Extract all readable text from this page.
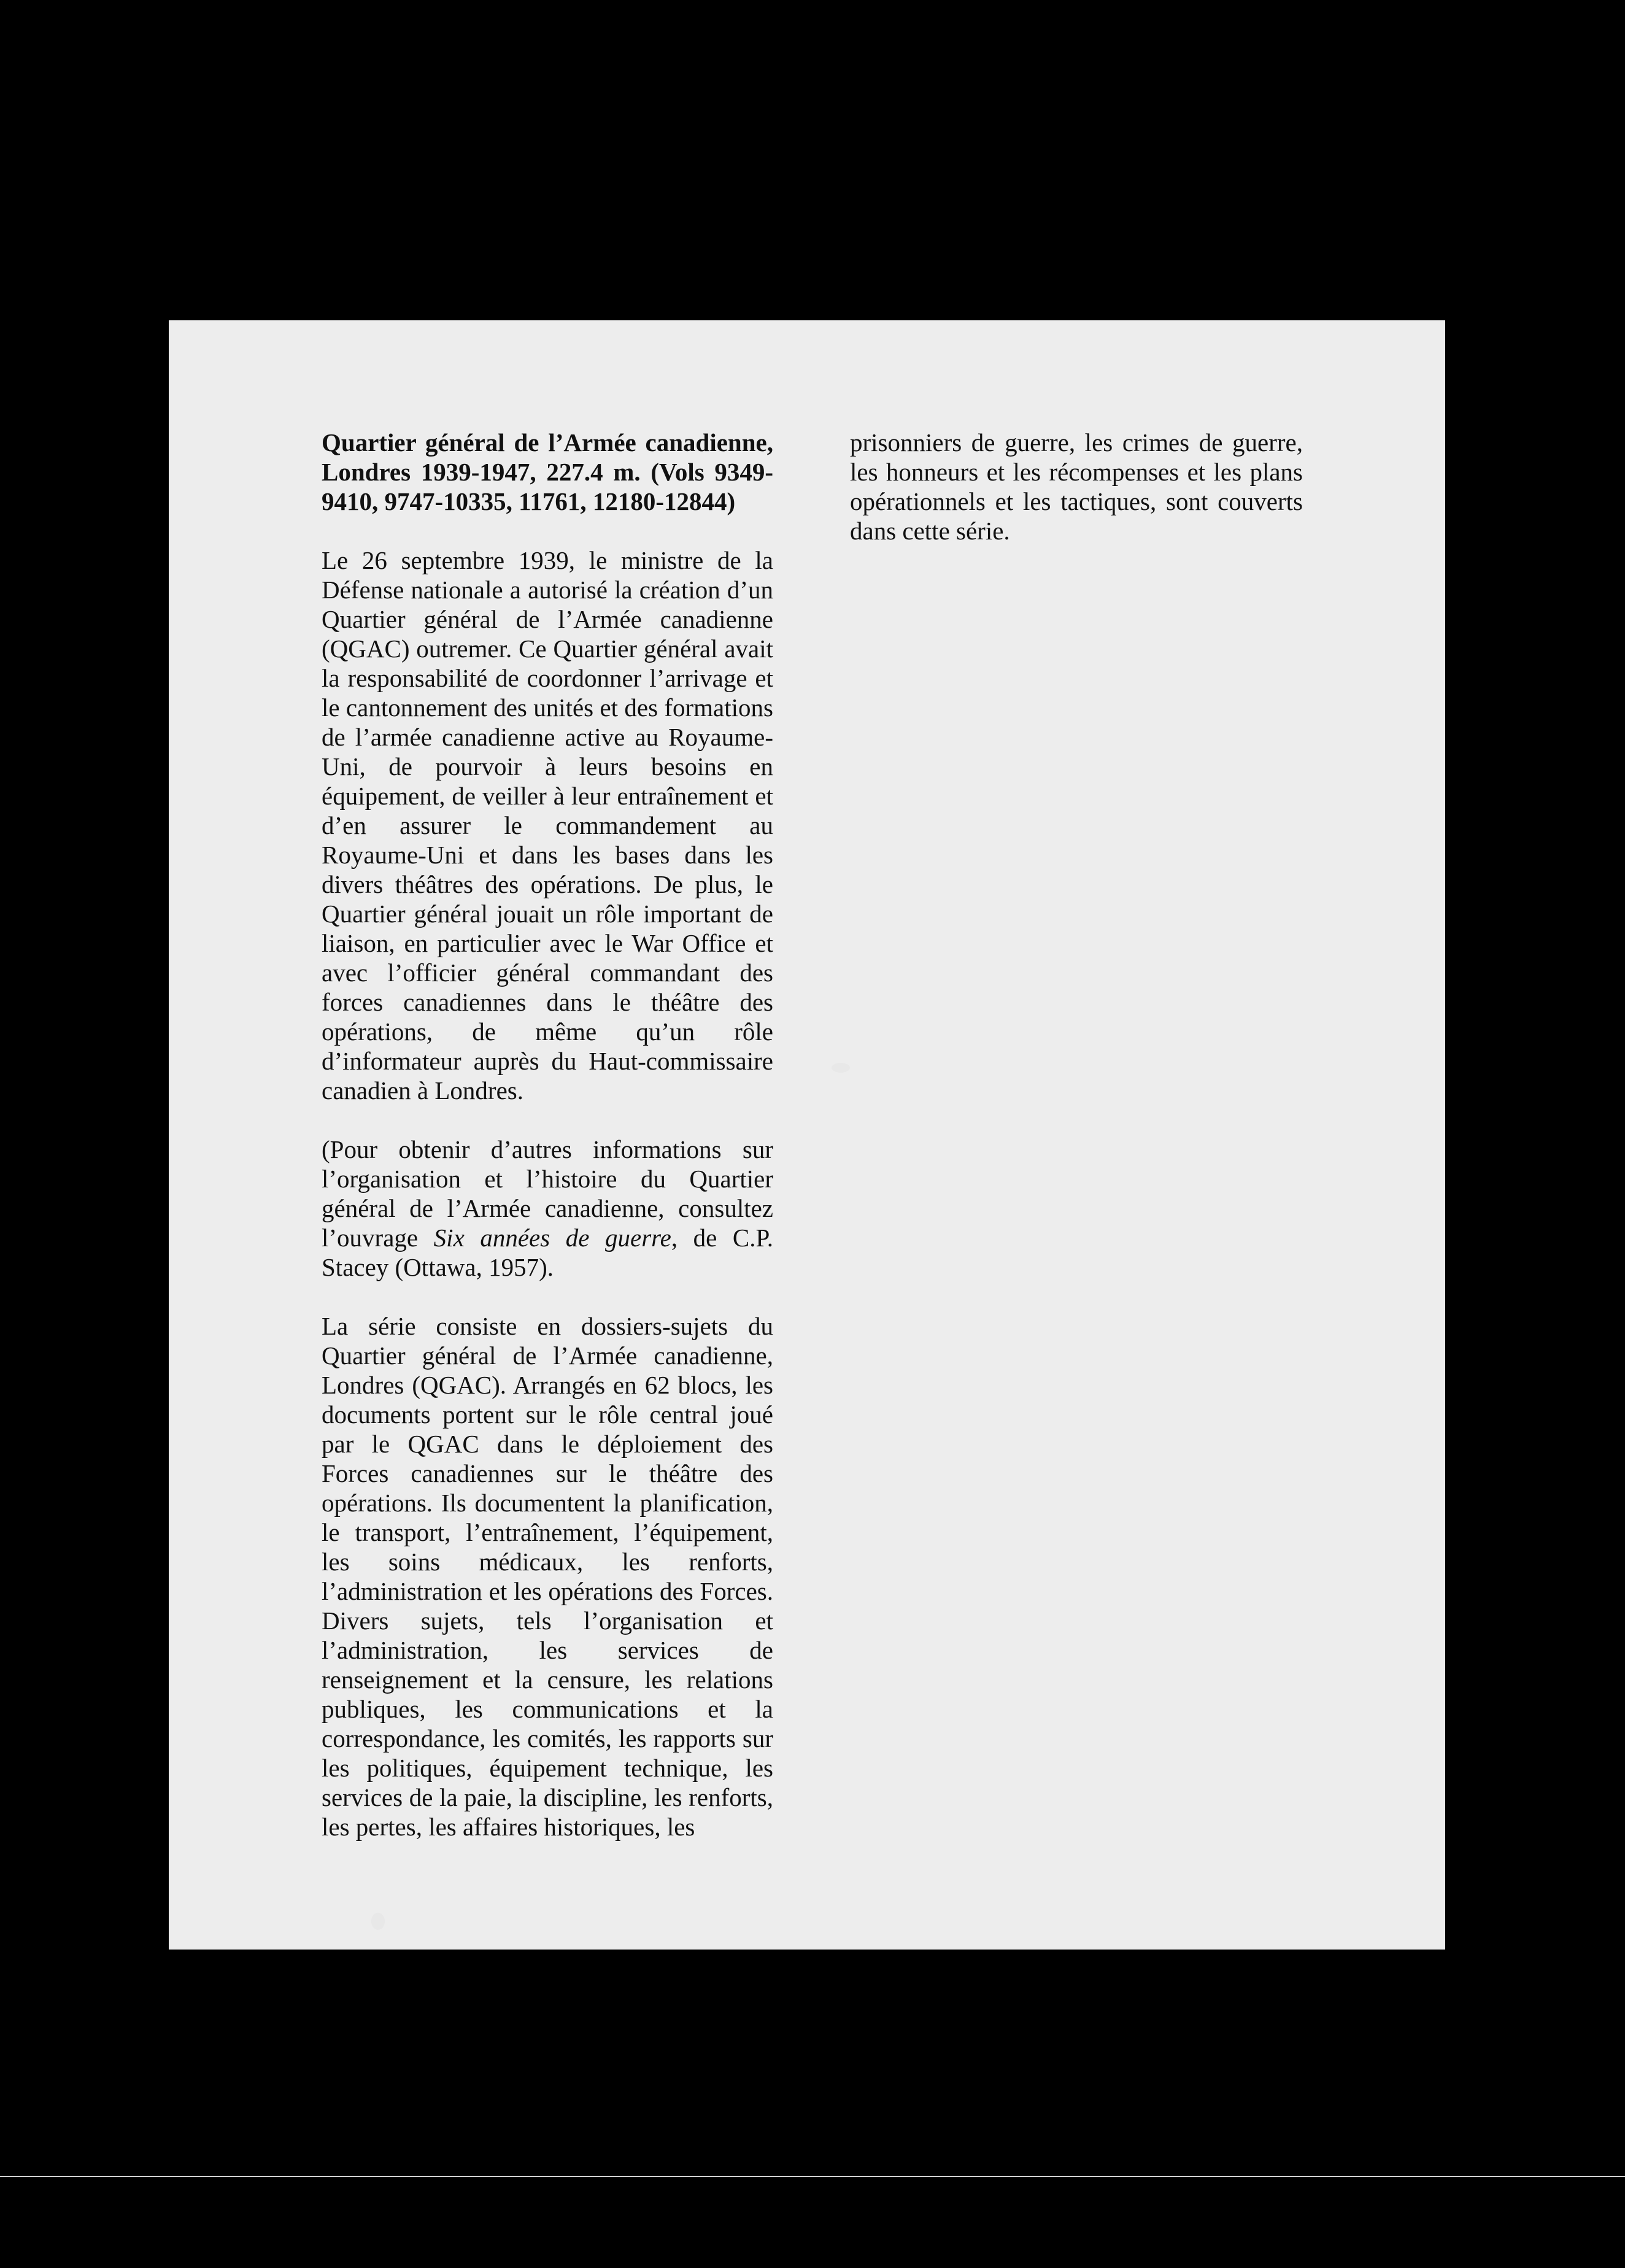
Quartier général de l’Armée canadienne, Londres 1939-1947, 227.4 m. (Vols 9349-9410, 9747-10335, 11761, 12180-12844)

Le 26 septembre 1939, le ministre de la Défense nationale a autorisé la création d’un Quartier général de l’Armée canadienne (QGAC) outremer. Ce Quartier général avait la responsabilité de coordonner l’arrivage et le cantonnement des unités et des formations de l’armée canadienne active au Royaume-Uni, de pourvoir à leurs besoins en équipement, de veiller à leur entraînement et d’en assurer le commandement au Royaume-Uni et dans les bases dans les divers théâtres des opérations. De plus, le Quartier général jouait un rôle important de liaison, en particulier avec le War Office et avec l’officier général commandant des forces canadiennes dans le théâtre des opérations, de même qu’un rôle d’informateur auprès du Haut-commissaire canadien à Londres.

(Pour obtenir d’autres informations sur l’organisation et l’histoire du Quartier général de l’Armée canadienne, consultez l’ouvrage Six années de guerre, de C.P. Stacey (Ottawa, 1957).

La série consiste en dossiers-sujets du Quartier général de l’Armée canadienne, Londres (QGAC). Arrangés en 62 blocs, les documents portent sur le rôle central joué par le QGAC dans le déploiement des Forces canadiennes sur le théâtre des opérations. Ils documentent la planification, le transport, l’entraînement, l’équipement, les soins médicaux, les renforts, l’administration et les opérations des Forces. Divers sujets, tels l’organisation et l’administration, les services de renseignement et la censure, les relations publiques, les communications et la correspondance, les comités, les rapports sur les politiques, équipement technique, les services de la paie, la discipline, les renforts, les pertes, les affaires historiques, les

prisonniers de guerre, les crimes de guerre, les honneurs et les récompenses et les plans opérationnels et les tactiques, sont couverts dans cette série.
